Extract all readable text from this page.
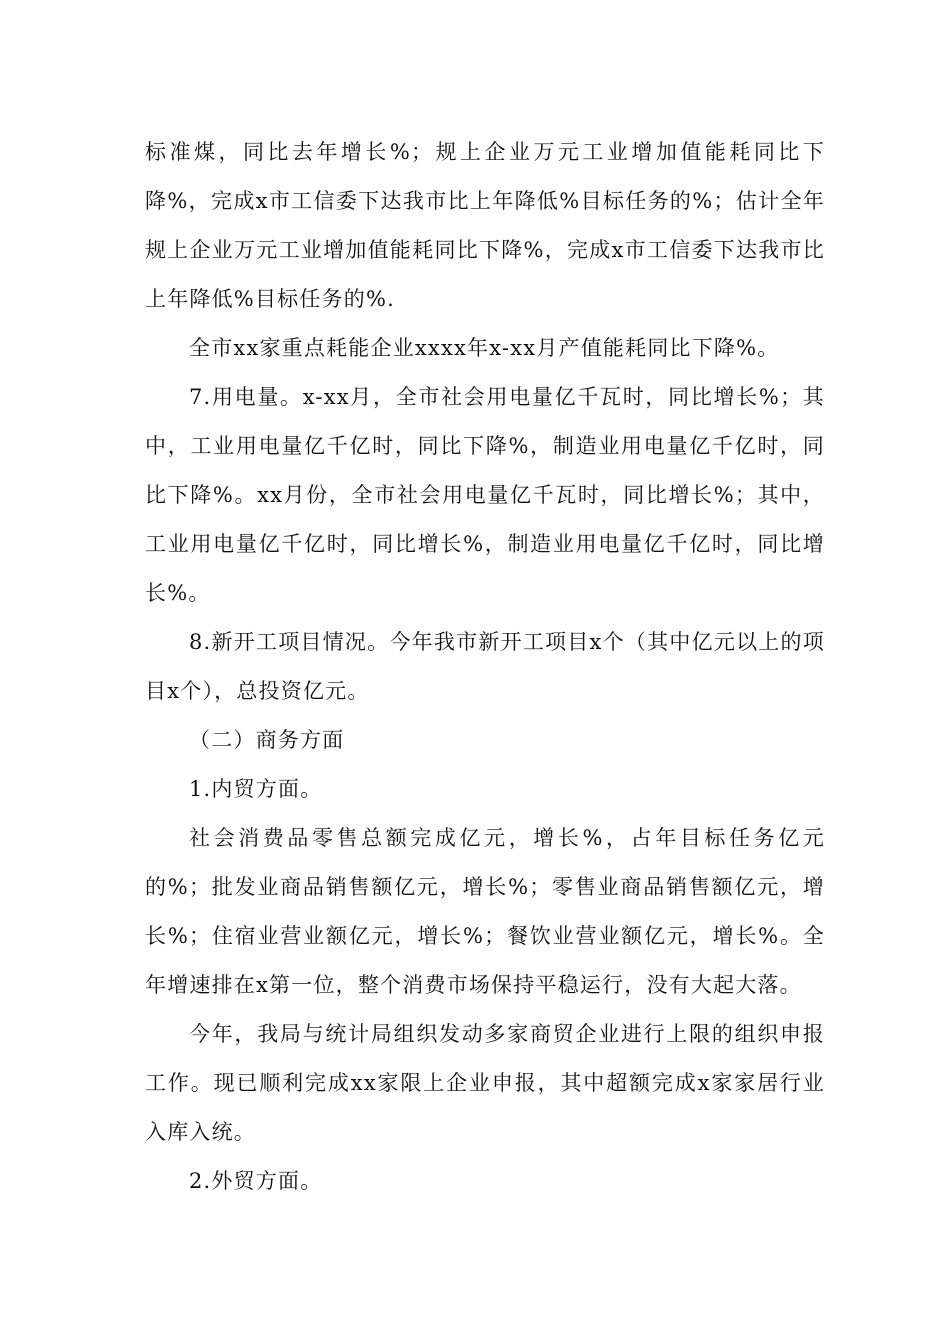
标准煤，同比去年增长%；规上企业万元工业增加值能耗同比下降%，完成x市工信委下达我市比上年降低%目标任务的%；估计全年规上企业万元工业增加值能耗同比下降%，完成x市工信委下达我市比上年降低%目标任务的%.

全市xx家重点耗能企业xxxx年x-xx月产值能耗同比下降%。

7.用电量。x-xx月，全市社会用电量亿千瓦时，同比增长%；其中，工业用电量亿千亿时，同比下降%，制造业用电量亿千亿时，同比下降%。xx月份，全市社会用电量亿千瓦时，同比增长%；其中，工业用电量亿千亿时，同比增长%，制造业用电量亿千亿时，同比增长%。

8.新开工项目情况。今年我市新开工项目x个（其中亿元以上的项目x个），总投资亿元。

（二）商务方面

1.内贸方面。

社会消费品零售总额完成亿元，增长%，占年目标任务亿元的%；批发业商品销售额亿元，增长%；零售业商品销售额亿元，增长%；住宿业营业额亿元，增长%；餐饮业营业额亿元，增长%。全年增速排在x第一位，整个消费市场保持平稳运行，没有大起大落。

今年，我局与统计局组织发动多家商贸企业进行上限的组织申报工作。现已顺利完成xx家限上企业申报，其中超额完成x家家居行业入库入统。

2.外贸方面。
